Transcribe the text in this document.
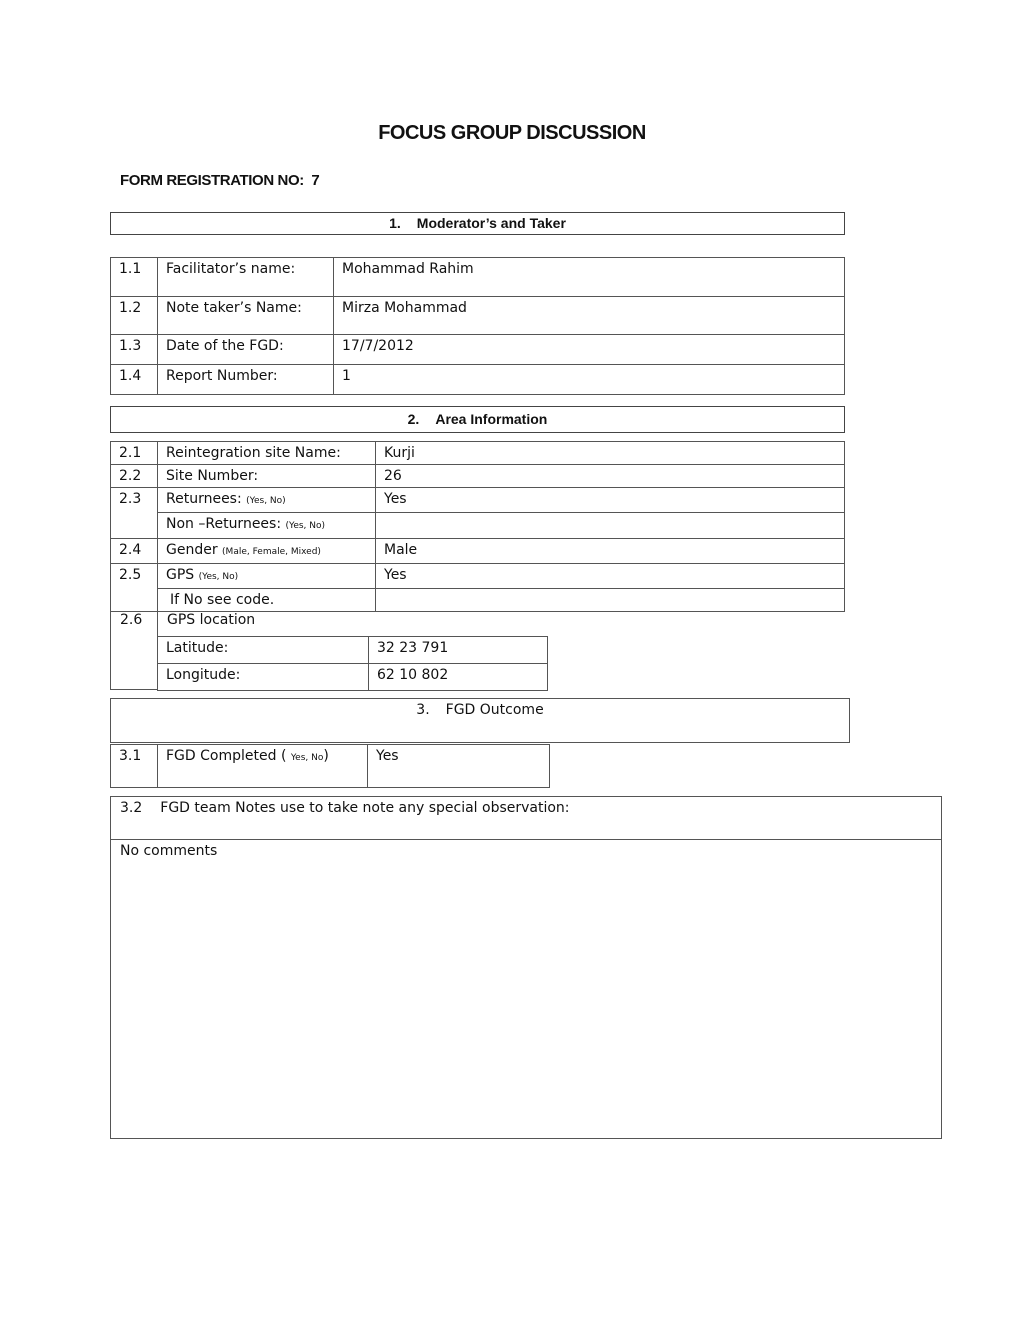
FOCUS GROUP DISCUSSION
FORM REGISTRATION NO: 7
1. Moderator’s and Taker
1.1	Facilitator’s name:	Mohammad Rahim
1.2	Note taker’s Name:	Mirza Mohammad
1.3	Date of the FGD:	17/7/2012
1.4	Report Number:	1
2. Area Information
2.1	Reintegration site Name:	Kurji
2.2	Site Number:	26
2.3	Returnees: (Yes, No)	Yes
	Non –Returnees: (Yes, No)	
2.4	Gender (Male, Female, Mixed)	Male
2.5	GPS (Yes, No)	Yes
	If No see code.	
2.6	GPS location
Latitude:	32 23 791
Longitude:	62 10 802
3. FGD Outcome
3.1	FGD Completed ( Yes, No)	Yes
3.2 FGD team Notes use to take note any special observation:
No comments
